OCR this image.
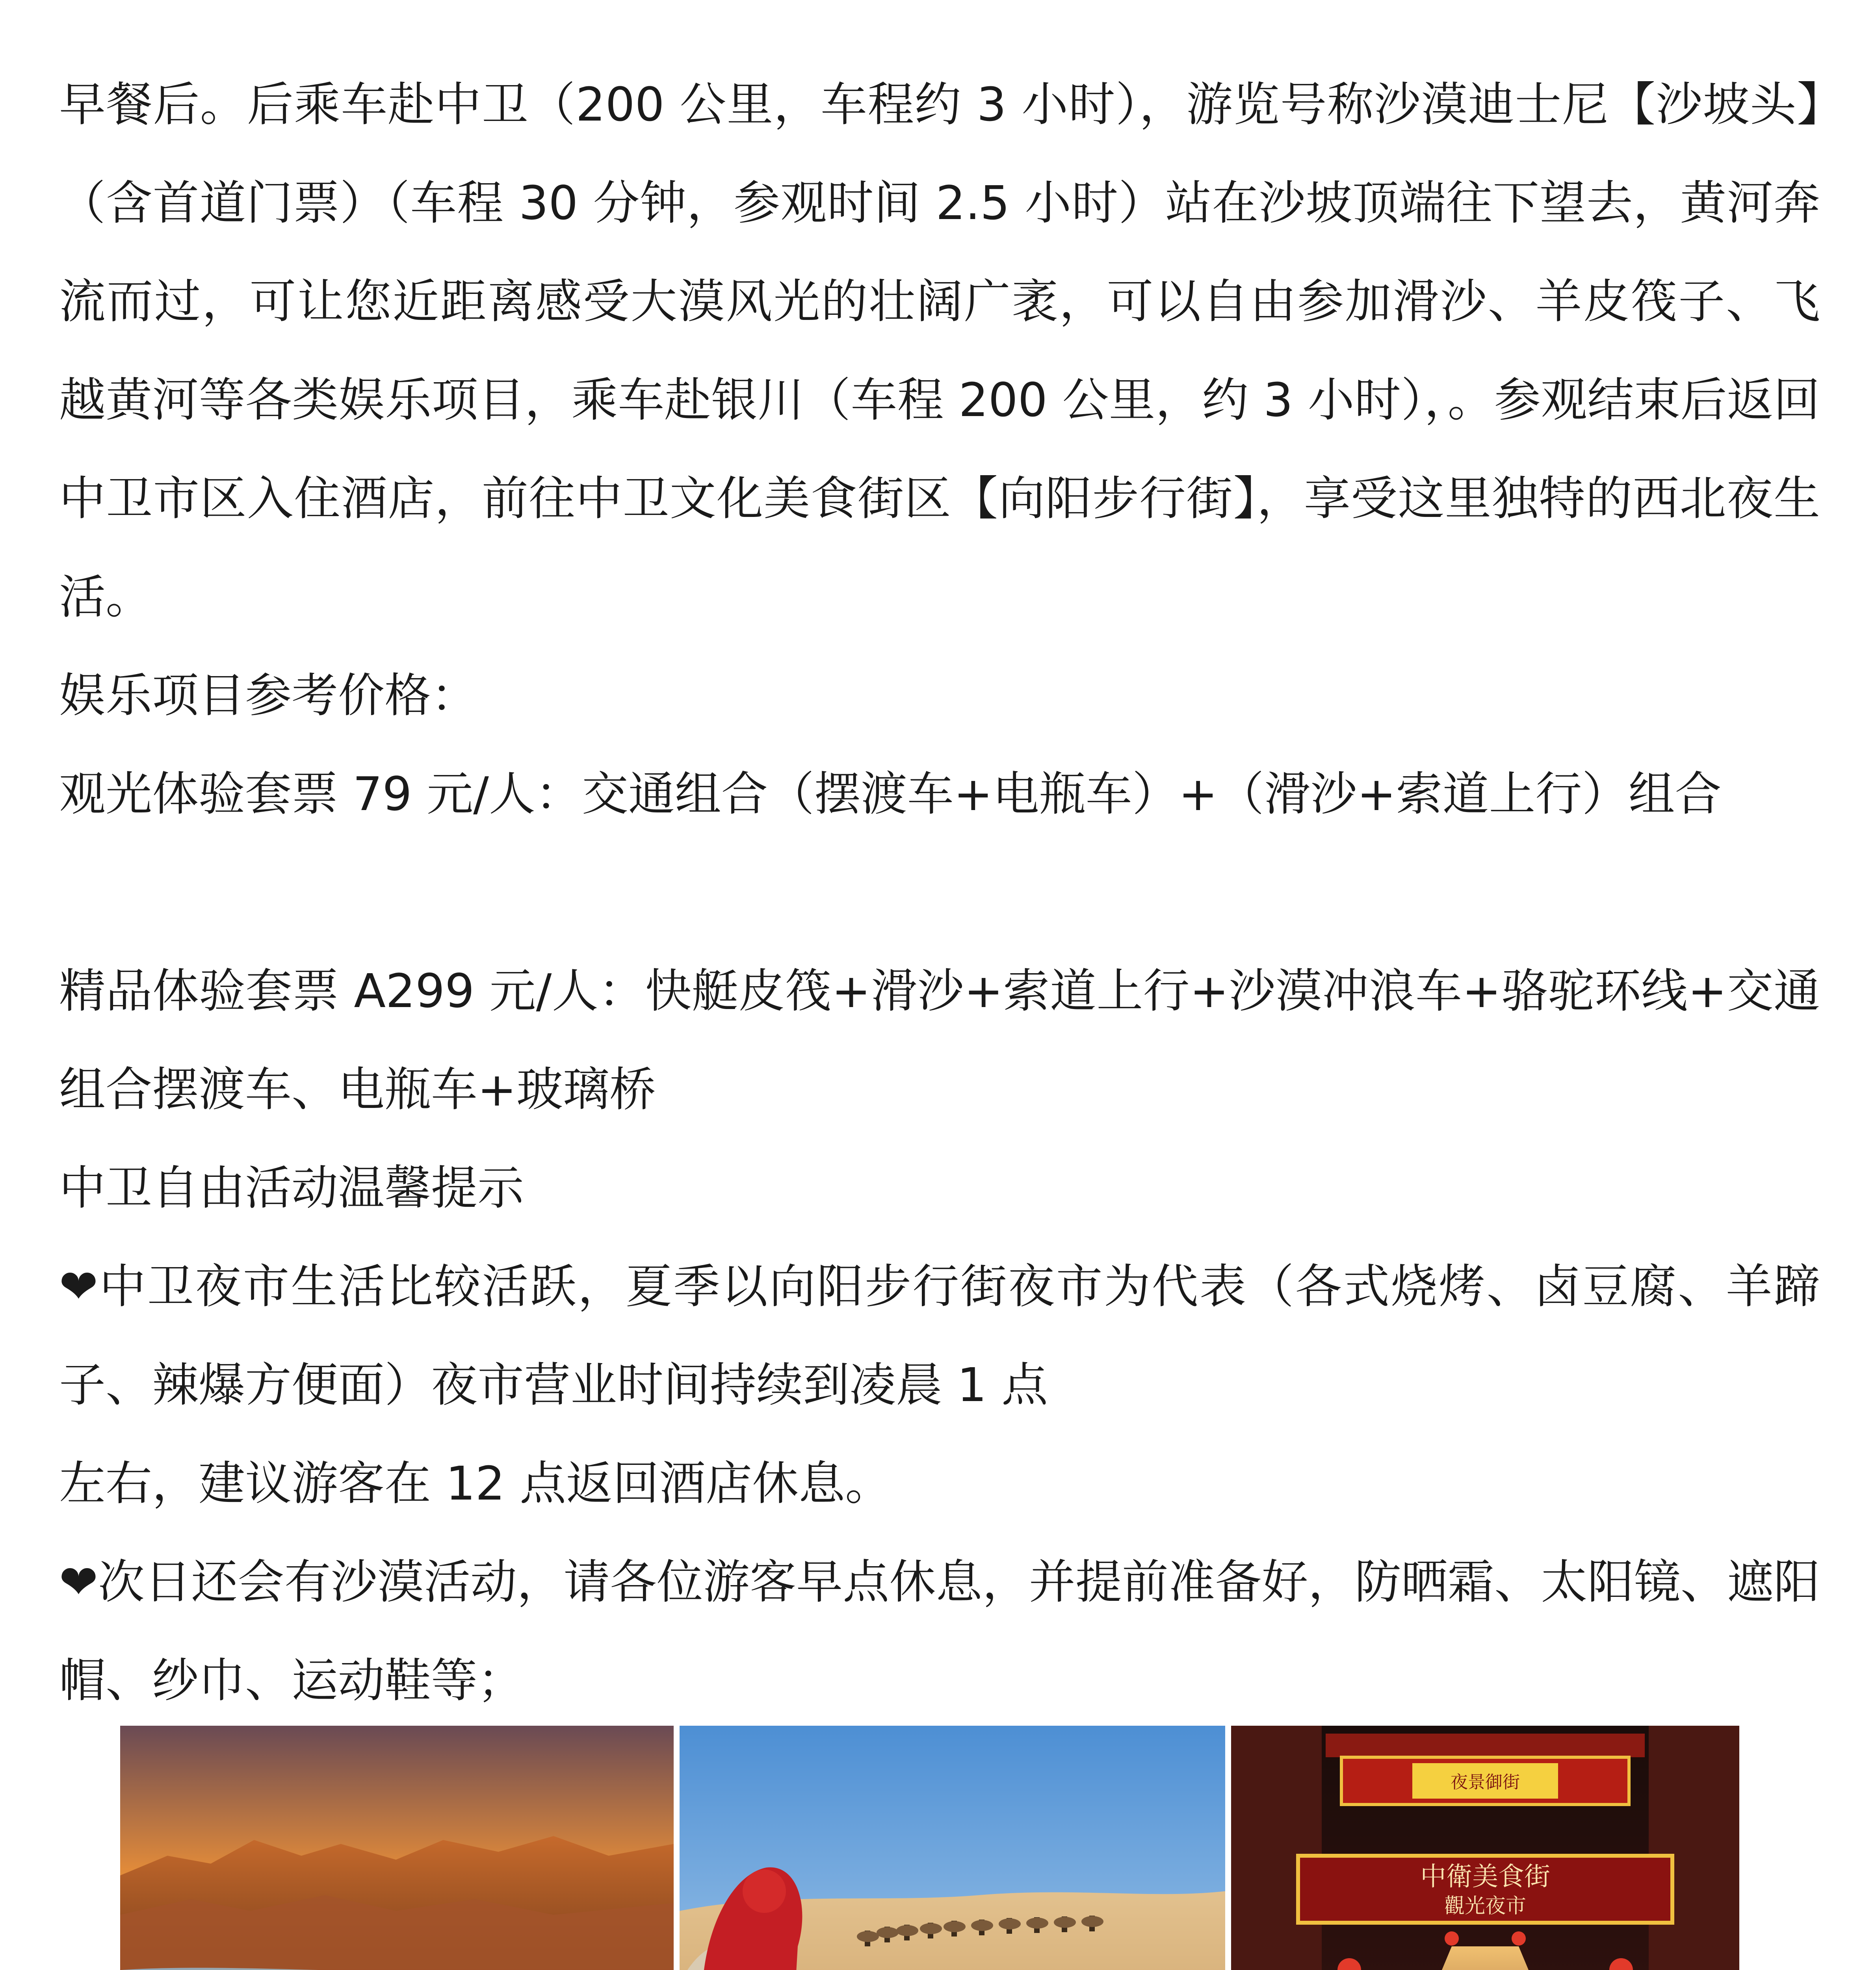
早餐后。后乘车赴中卫（200 公里，车程约 3 小时），游览号称沙漠迪士尼【沙坡头】（含首道门票）（车程 30 分钟，参观时间 2.5 小时）站在沙坡顶端往下望去，黄河奔流而过，可让您近距离感受大漠风光的壮阔广袤，可以自由参加滑沙、羊皮筏子、飞越黄河等各类娱乐项目，乘车赴银川（车程 200 公里，约 3 小时），。参观结束后返回中卫市区入住酒店，前往中卫文化美食街区【向阳步行街】，享受这里独特的西北夜生活。

娱乐项目参考价格：

观光体验套票 79 元/人：交通组合（摆渡车+电瓶车）+（滑沙+索道上行）组合

精品体验套票 A299 元/人：快艇皮筏+滑沙+索道上行+沙漠冲浪车+骆驼环线+交通组合摆渡车、电瓶车+玻璃桥

中卫自由活动温馨提示

❤中卫夜市生活比较活跃，夏季以向阳步行街夜市为代表（各式烧烤、卤豆腐、羊蹄子、辣爆方便面）夜市营业时间持续到凌晨 1 点

左右，建议游客在 12 点返回酒店休息。

❤次日还会有沙漠活动，请各位游客早点休息，并提前准备好，防晒霜、太阳镜、遮阳帽、纱巾、运动鞋等；

夜景御街
中衛美食街
觀光夜市
